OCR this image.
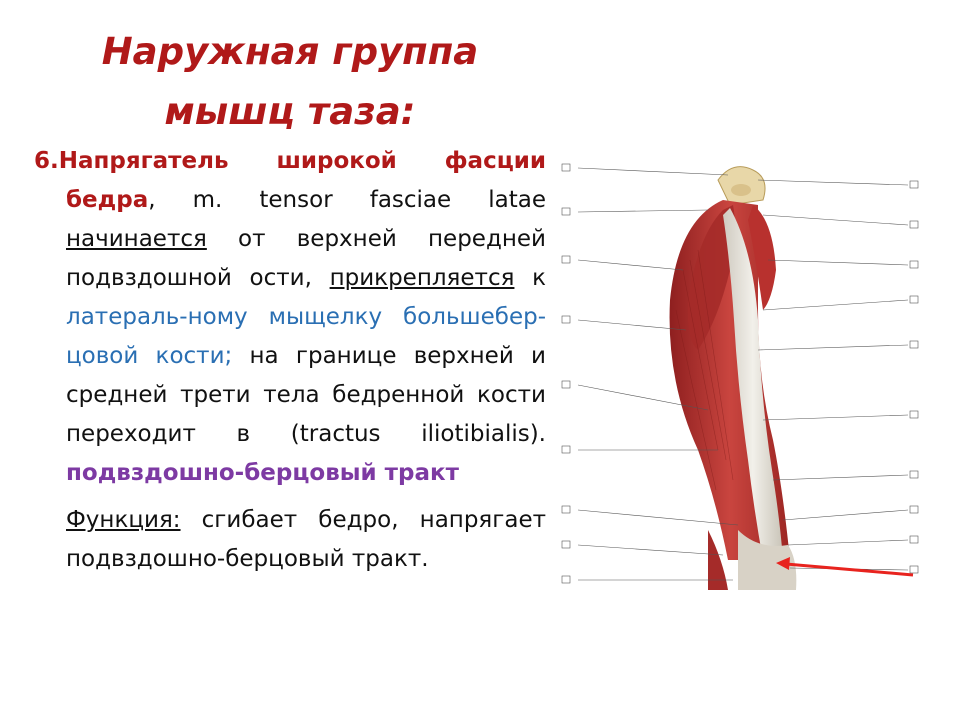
Наружная группа
мышц таза:

6.Напрягатель широкой фасции бедра, m. tensor fasciae latae начинается от верхней передней подвздошной ости, прикрепляется к латераль-ному мыщелку большебер-цовой кости; на границе верхней и средней трети тела бедренной кости переходит в (tractus iliotibialis). подвздошно-берцовый тракт

Функция: сгибает бедро, напрягает подвздошно-берцовый тракт.
